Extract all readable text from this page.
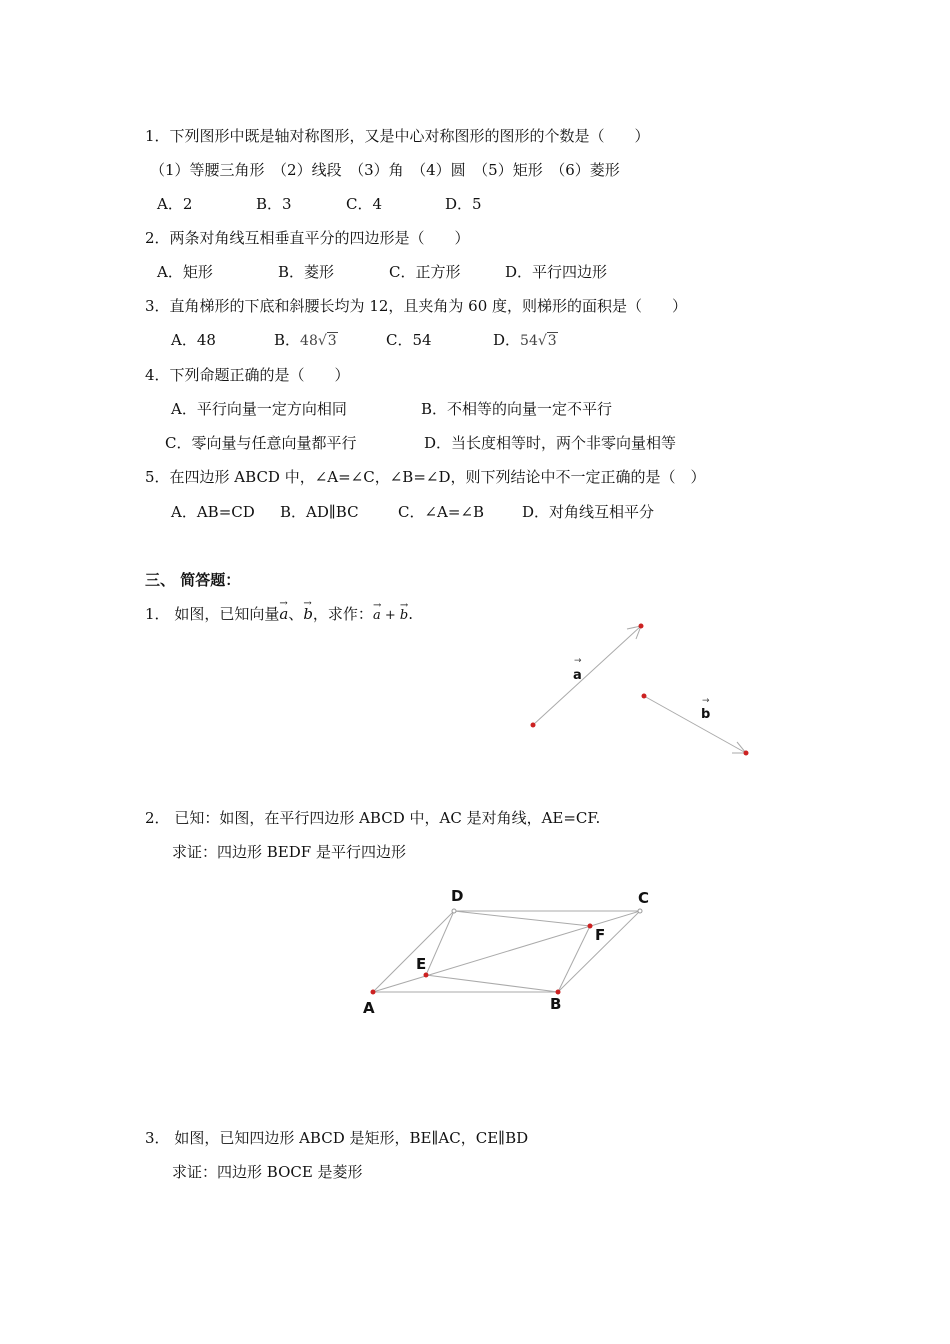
1．下列图形中既是轴对称图形，又是中心对称图形的图形的个数是（　　）
（1）等腰三角形　（2）线段　（3）角　（4）圆　（5）矩形　（6）菱形
A．2	B．3	C．4	D．5
2．两条对角线互相垂直平分的四边形是（　　）
A．矩形	B．菱形	C．正方形	D．平行四边形
3．直角梯形的下底和斜腰长均为 12，且夹角为 60 度，则梯形的面积是（　　）
A．48	B．48√3	C．54	D．54√3
4．下列命题正确的是（　　）
A．平行向量一定方向相同	B．不相等的向量一定不平行
C．零向量与任意向量都平行	D．当长度相等时，两个非零向量相等
5．在四边形 ABCD 中，∠A=∠C，∠B=∠D，则下列结论中不一定正确的是（　）
A．AB=CD B．AD∥BC	C．∠A=∠B	D．对角线互相平分
三、 简答题：
1． 如图，已知向量→ a、→ b，求作：→ a + → b.
→
a
→
b
2． 已知：如图，在平行四边形 ABCD 中，AC 是对角线，AE=CF.
求证：四边形 BEDF 是平行四边形
A	B
C
D
E
F
3． 如图，已知四边形 ABCD 是矩形，BE∥AC，CE∥BD
求证：四边形 BOCE 是菱形
